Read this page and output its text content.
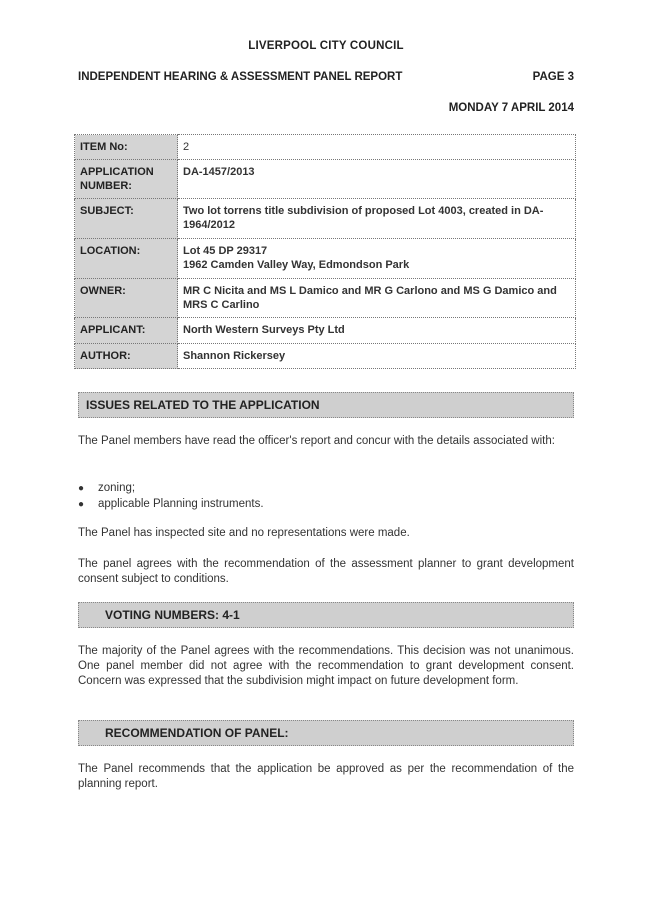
LIVERPOOL CITY COUNCIL
INDEPENDENT HEARING & ASSESSMENT PANEL REPORT	PAGE 3
MONDAY 7 APRIL 2014
ITEM No:	2
APPLICATION NUMBER:	DA-1457/2013
SUBJECT:	Two lot torrens title subdivision of proposed Lot 4003, created in DA-1964/2012
LOCATION:	Lot 45 DP 29317
1962 Camden Valley Way, Edmondson Park

OWNER:	MR C Nicita and MS L Damico and MR G Carlono and MS G Damico and MRS C Carlino
APPLICANT:	North Western Surveys Pty Ltd
AUTHOR:	Shannon Rickersey
ISSUES RELATED TO THE APPLICATION
The Panel members have read the officer's report and concur with the details associated with:
●	zoning;
●	applicable Planning instruments.
The Panel has inspected site and no representations were made.
The panel agrees with the recommendation of the assessment planner to grant development consent subject to conditions.
VOTING NUMBERS: 4-1
The majority of the Panel agrees with the recommendations. This decision was not unanimous. One panel member did not agree with the recommendation to grant development consent. Concern was expressed that the subdivision might impact on future development form.
RECOMMENDATION OF PANEL:
The Panel recommends that the application be approved as per the recommendation of the planning report.
